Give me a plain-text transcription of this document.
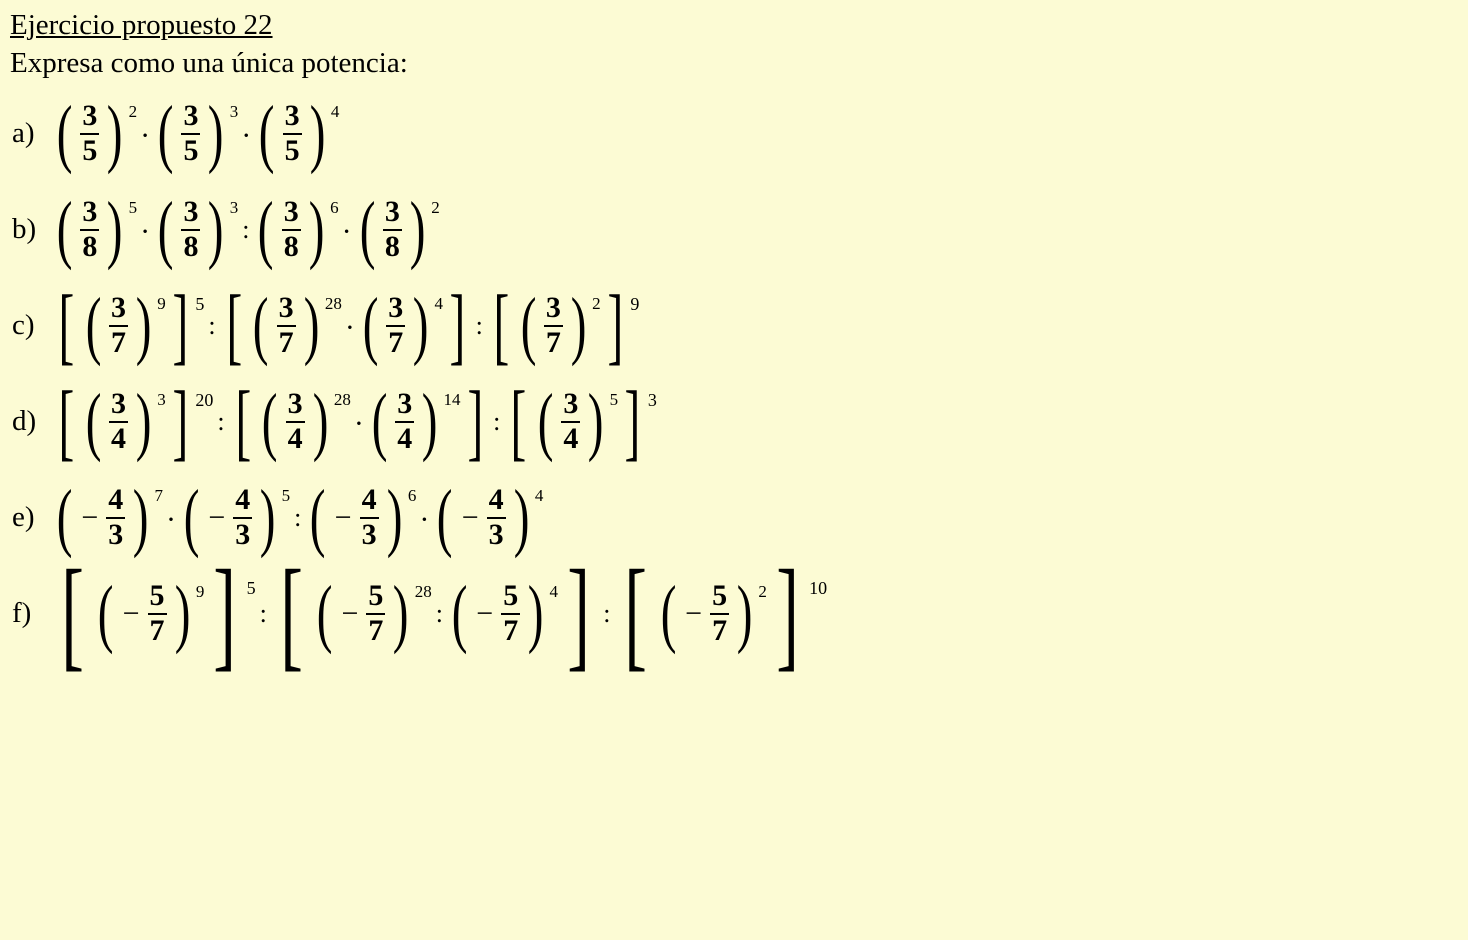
Ejercicio propuesto 22
Expresa como una única potencia:
a) ( $\frac{3}{5}$ ) 2
· ( $\frac{3}{5}$ ) 3
· ( $\frac{3}{5}$ ) 4
b) ( $\frac{3}{8}$ ) 5
· ( $\frac{3}{8}$ ) 3
: ( $\frac{3}{8}$ ) 6
· ( $\frac{3}{8}$ ) 2
c) [ ( $\frac{3}{7}$ ) 9 ] 5
: [ ( $\frac{3}{7}$ ) 28
· ( $\frac{3}{7}$ ) 4 ] : [ ( $\frac{3}{7}$ ) 2 ] 9
d) [ ( $\frac{3}{4}$ ) 3 ] 20
: [ ( $\frac{3}{4}$ ) 28
· ( $\frac{3}{4}$ ) 14 ] : [ ( $\frac{3}{4}$ ) 5 ] 3
e) ( − $\frac{4}{3}$ ) 7
· ( − $\frac{4}{3}$ ) 5
: ( − $\frac{4}{3}$ ) 6
· ( − $\frac{4}{3}$ ) 4
f) [ ( − $\frac{5}{7}$ ) 9 ] 5
: [ ( − $\frac{5}{7}$ ) 28
: ( − $\frac{5}{7}$ ) 4 ] : [ ( − $\frac{5}{7}$ ) 2 ] 10
